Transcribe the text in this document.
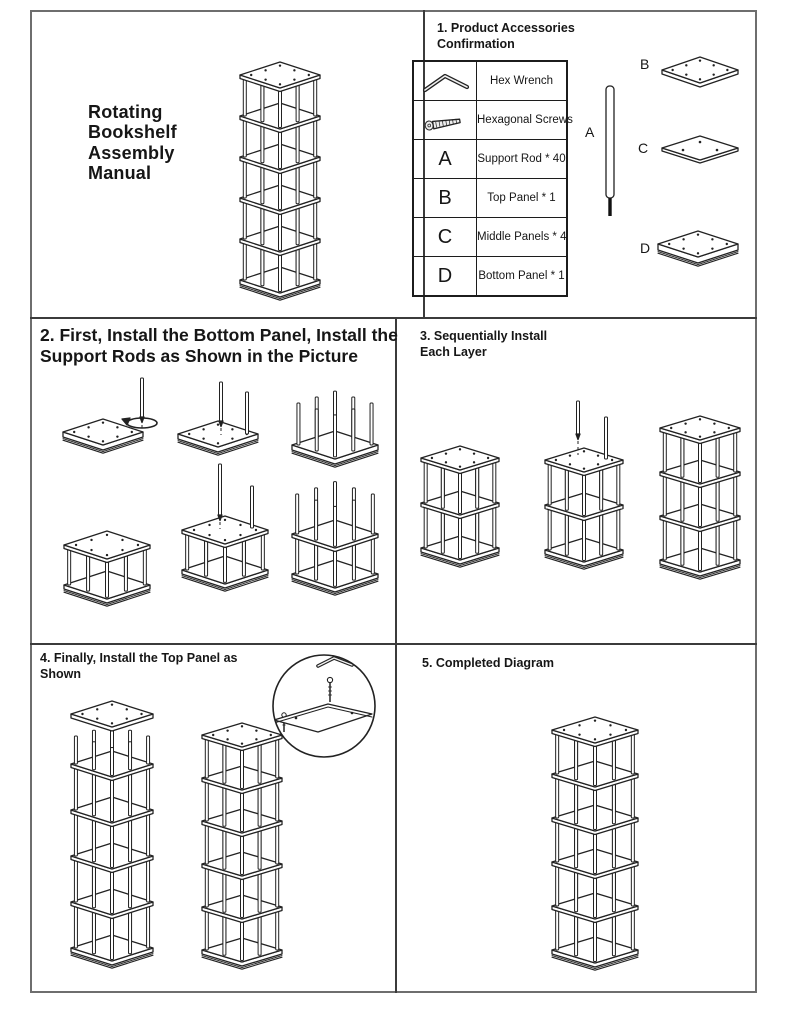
Rotating Bookshelf Assembly Manual
1. Product Accessories Confirmation
Hex Wrench
Hexagonal Screws
A	Support Rod * 40
B	Top Panel * 1
C	Middle Panels * 4
D	Bottom Panel * 1
A
B
C
D
2. First, Install the Bottom Panel, Install the Support Rods as Shown in the Picture
3. Sequentially Install Each Layer
4. Finally, Install the Top Panel as Shown
5. Completed Diagram
